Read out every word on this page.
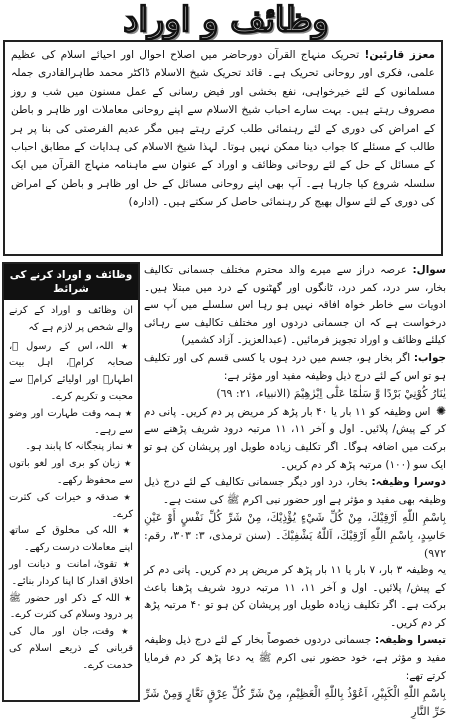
وظائف و اوراد
معزز قارئین! تحریک منہاج القرآن دورحاضر میں اصلاح احوال اور احیائے اسلام کی عظیم علمی، فکری اور روحانی تحریک ہے۔ قائد تحریک شیخ الاسلام ڈاکٹر محمد طاہرالقادری جملہ مسلمانوں کے لئے خیرخواہی، نفع بخشی اور فیض رسانی کے عمل مسنون میں شب و روز مصروف رہتے ہیں۔ بہت سارے احباب شیخ الاسلام سے اپنے روحانی معاملات اور ظاہر و باطن کے امراض کی دوری کے لئے رہنمائی طلب کرتے رہتے ہیں مگر عدیم الفرصتی کی بنا پر ہر طالب کے مسئلے کا جواب دینا ممکن نہیں ہوتا۔ لہذا شیخ الاسلام کی ہدایات کے مطابق احباب کے مسائل کے حل کے لئے روحانی وظائف و اوراد کے عنوان سے ماہنامہ منہاج القرآن میں ایک سلسلہ شروع کیا جارہا ہے۔ آپ بھی اپنے روحانی مسائل کے حل اور ظاہر و باطن کے امراض کی دوری کے لئے سوال بھیج کر رہنمائی حاصل کر سکتے ہیں۔ (ادارہ)
وظائف و اوراد کرنے کی شرائط
ان وظائف و اوراد کے کرنے والے شخص پر لازم ہے کہ

★ اللہ، اس کے رسول ﷺ، صحابہ کرامؓ، اہل بیت اطہارؓ اور اولیائے کرامؒ سے محبت و تکریم کرے۔

★ ہمہ وقت طہارت اور وضو سے رہے۔

★ نماز پنجگانہ کا پابند ہو۔

★ زبان کو بری اور لغو باتوں سے محفوظ رکھے۔

★ صدقہ و خیرات کی کثرت کرے۔

★ اللہ کی مخلوق کے ساتھ اپنے معاملات درست رکھے۔

★ تقویٰ، امانت و دیانت اور اخلاق اقدار کا اپنا کردار بنائے۔

★ اللہ کے ذکر اور حضور ﷺ پر درود وسلام کی کثرت کرے۔

★ وقت، جان اور مال کی قربانی کے ذریعے اسلام کی خدمت کرے۔

سوال: عرصہ دراز سے میرے والد محترم مختلف جسمانی تکالیف بخار، سر درد، کمر درد، ٹانگوں اور گھٹنوں کے درد میں مبتلا ہیں۔ ادویات سے خاطر خواہ افاقہ نہیں ہو رہا اس سلسلے میں آپ سے درخواست ہے کہ ان جسمانی دردوں اور مختلف تکالیف سے رہائی کیلئے وظائف و اوراد تجویز فرمائیں۔ (عبدالعزیز۔ آزاد کشمیر)

جواب: اگر بخار ہو، جسم میں درد ہوں یا کسی قسم کی اور تکلیف ہو تو اس کے لئے درج ذیل وظیفہ مفید اور مؤثر ہے:

يٰنَارُ كُوْنِيْ بَرْدًا وَّ سَلٰمًا عَلٰٓى اِبْرٰهِيْمَ (الانبياء، ٢١: ٦٩)

✺ اس وظیفہ کو ۱۱ بار یا ۴۰ بار پڑھ کر مریض پر دم کریں۔ پانی دم کر کے پیش/ پلائیں۔ اول و آخر ۱۱، ۱۱ مرتبہ درود شریف پڑھنے سے برکت میں اضافہ ہوگا۔ اگر تکلیف زیادہ طویل اور پریشان کن ہو تو ایک سو (۱۰۰) مرتبہ پڑھ کر دم کریں۔

دوسرا وظیفہ: بخار، درد اور دیگر جسمانی تکالیف کے لئے درج ذیل وظیفہ بھی مفید و مؤثر ہے اور حضور نبی اکرم ﷺ کی سنت ہے۔

بِاسْمِ اللّٰهِ اَرْقِيْكَ، مِنْ كُلِّ شَيْءٍ يُؤْذِيْكَ، مِنْ شَرِّ كُلِّ نَفْسٍ أَوْ عَيْنِ حَاسِدٍ، بِاسْمِ اللّٰهِ اَرْقِيْكَ، اَللّٰهُ يَشْفِيْكَ۔ (سنن ترمذی، ۳: ۳۰۳، رقم: ۹۷۲)

یہ وظیفہ ۳ بار، ۷ بار یا ۱۱ بار پڑھ کر مریض پر دم کریں۔ پانی دم کر کے پیش/ پلائیں۔ اول و آخر ۱۱، ۱۱ مرتبہ درود شریف پڑھنا باعث برکت ہے۔ اگر تکلیف زیادہ طویل اور پریشان کن ہو تو ۴۰ مرتبہ پڑھ کر دم کریں۔

تیسرا وظیفہ: جسمانی دردوں خصوصاً بخار کے لئے درج ذیل وظیفہ مفید و مؤثر ہے، خود حضور نبی اکرم ﷺ یہ دعا پڑھ کر دم فرمایا کرتے تھے:

بِاسْمِ اللّٰهِ الْكَبِيْرِ، اَعُوْذُ بِاللّٰهِ الْعَظِيْمِ، مِنْ شَرِّ كُلِّ عِرْقٍ نَعَّارٍ وَمِنْ شَرِّ حَرِّ النَّارِ
